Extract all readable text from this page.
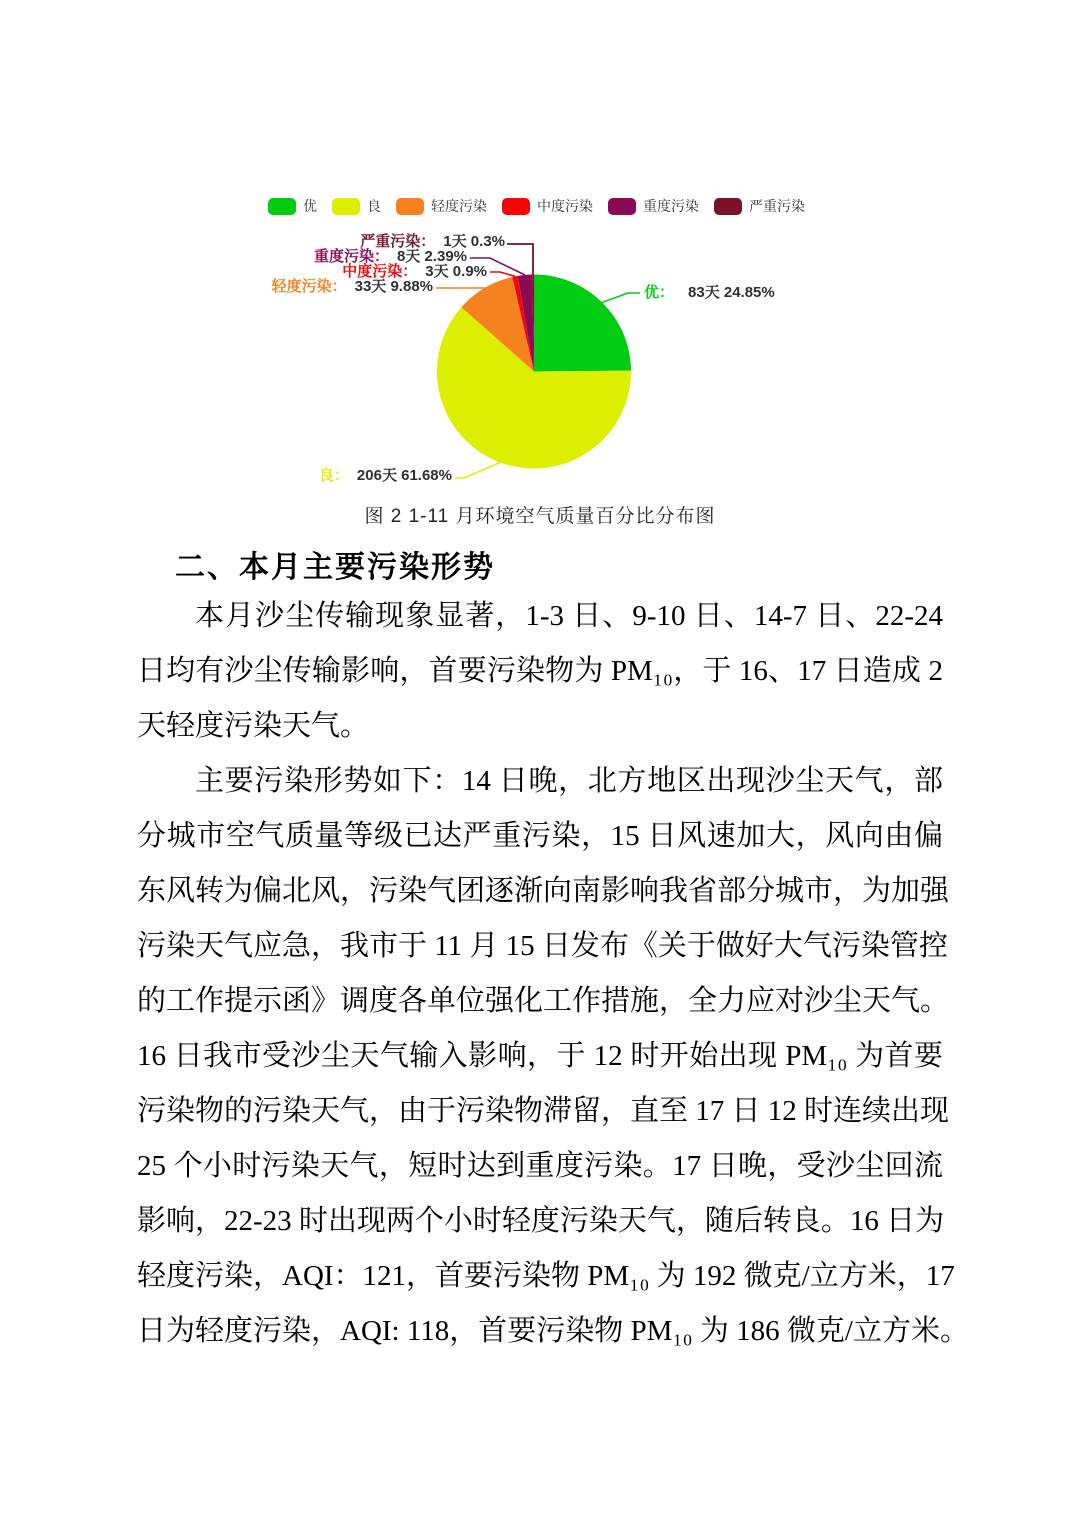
优	良	轻度污染	中度污染	重度污染	严重污染
严重污染： 1天 0.3%
重度污染： 8天 2.39%
中度污染： 3天 0.9%
轻度污染： 33天 9.88%	优： 83天 24.85%
良： 206天 61.68%
图 2 1-11 月环境空气质量百分比分布图
二、本月主要污染形势
本月沙尘传输现象显著，1-3 日、9-10 日、14-7 日、22-24
日均有沙尘传输影响，首要污染物为 PM₁₀，于 16、17 日造成 2
天轻度污染天气。
主要污染形势如下：14 日晚，北方地区出现沙尘天气，部
分城市空气质量等级已达严重污染，15 日风速加大，风向由偏
东风转为偏北风，污染气团逐渐向南影响我省部分城市，为加强
污染天气应急，我市于 11 月 15 日发布《关于做好大气污染管控
的工作提示函》调度各单位强化工作措施，全力应对沙尘天气。
16 日我市受沙尘天气输入影响，于 12 时开始出现 PM₁₀ 为首要
污染物的污染天气，由于污染物滞留，直至 17 日 12 时连续出现
25 个小时污染天气，短时达到重度污染。17 日晚，受沙尘回流
影响，22-23 时出现两个小时轻度污染天气，随后转良。16 日为
轻度污染，AQI：121，首要污染物 PM₁₀ 为 192 微克/立方米，17
日为轻度污染，AQI: 118，首要污染物 PM₁₀ 为 186 微克/立方米。
